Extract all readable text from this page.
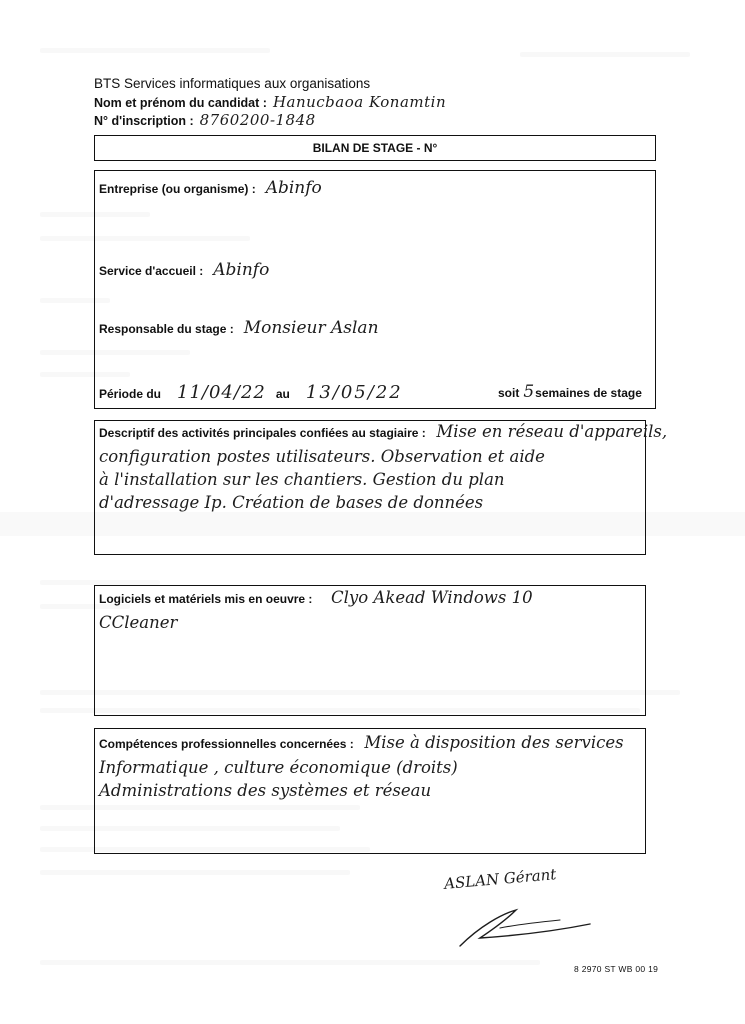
BTS Services informatiques aux organisations
Nom et prénom du candidat : Hanucbaoa Konamtin
N° d'inscription : 8760200-1848
BILAN DE STAGE - N°
Entreprise (ou organisme) : Abinfo
Service d'accueil : Abinfo
Responsable du stage : Monsieur Aslan
Période du 11/04/22 au 13/05/22	soit 5 semaines de stage
Descriptif des activités principales confiées au stagiaire : Mise en réseau d'appareils,
configuration postes utilisateurs. Observation et aide
à l'installation sur les chantiers. Gestion du plan
d'adressage Ip. Création de bases de données
Logiciels et matériels mis en oeuvre : Clyo Akead Windows 10
CCleaner
Compétences professionnelles concernées : Mise à disposition des services
Informatique , culture économique (droits)
Administrations des systèmes et réseau
ASLAN Gérant
8 2970 ST WB 00 19
